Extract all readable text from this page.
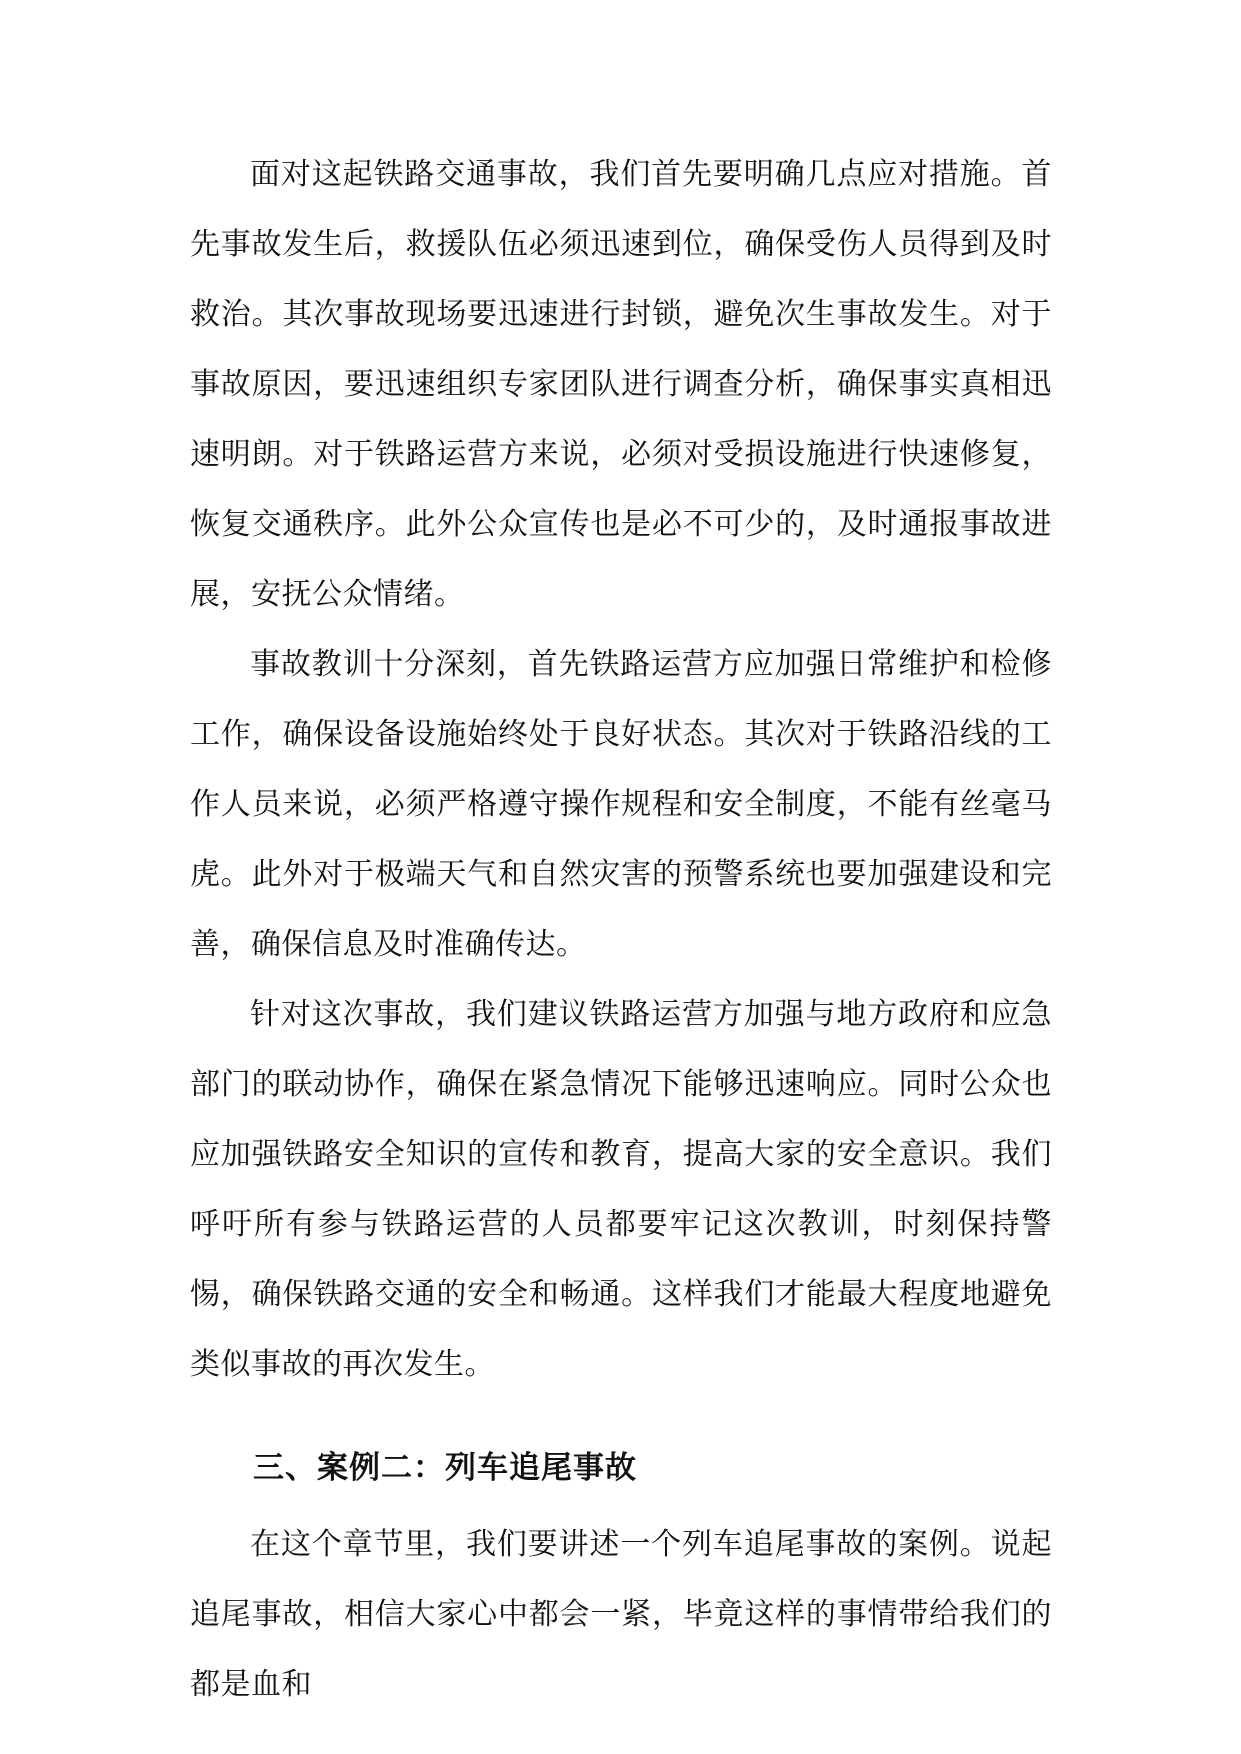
面对这起铁路交通事故，我们首先要明确几点应对措施。首先事故发生后，救援队伍必须迅速到位，确保受伤人员得到及时救治。其次事故现场要迅速进行封锁，避免次生事故发生。对于事故原因，要迅速组织专家团队进行调查分析，确保事实真相迅速明朗。对于铁路运营方来说，必须对受损设施进行快速修复，恢复交通秩序。此外公众宣传也是必不可少的，及时通报事故进展，安抚公众情绪。

事故教训十分深刻，首先铁路运营方应加强日常维护和检修工作，确保设备设施始终处于良好状态。其次对于铁路沿线的工作人员来说，必须严格遵守操作规程和安全制度，不能有丝毫马虎。此外对于极端天气和自然灾害的预警系统也要加强建设和完善，确保信息及时准确传达。

针对这次事故，我们建议铁路运营方加强与地方政府和应急部门的联动协作，确保在紧急情况下能够迅速响应。同时公众也应加强铁路安全知识的宣传和教育，提高大家的安全意识。我们呼吁所有参与铁路运营的人员都要牢记这次教训，时刻保持警惕，确保铁路交通的安全和畅通。这样我们才能最大程度地避免类似事故的再次发生。

三、案例二：列车追尾事故

在这个章节里，我们要讲述一个列车追尾事故的案例。说起追尾事故，相信大家心中都会一紧，毕竟这样的事情带给我们的都是血和
